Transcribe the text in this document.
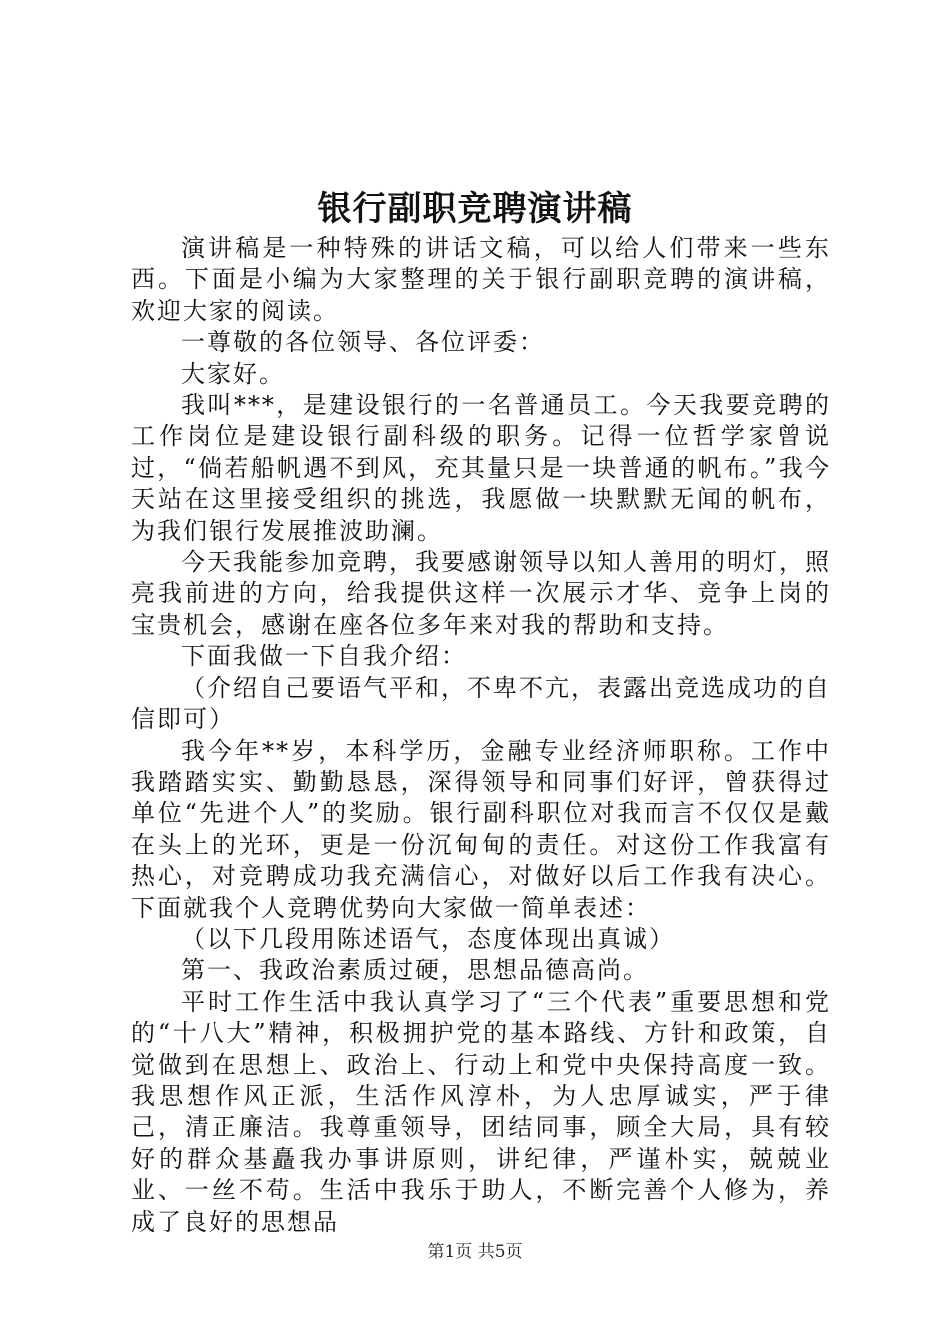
银行副职竞聘演讲稿

演讲稿是一种特殊的讲话文稿，可以给人们带来一些东西。下面是小编为大家整理的关于银行副职竞聘的演讲稿，欢迎大家的阅读。

一尊敬的各位领导、各位评委：

大家好。

我叫***，是建设银行的一名普通员工。今天我要竞聘的工作岗位是建设银行副科级的职务。记得一位哲学家曾说过，“倘若船帆遇不到风，充其量只是一块普通的帆布。”我今天站在这里接受组织的挑选，我愿做一块默默无闻的帆布，为我们银行发展推波助澜。

今天我能参加竞聘，我要感谢领导以知人善用的明灯，照亮我前进的方向，给我提供这样一次展示才华、竞争上岗的宝贵机会，感谢在座各位多年来对我的帮助和支持。

下面我做一下自我介绍：

（介绍自己要语气平和，不卑不亢，表露出竞选成功的自信即可）

我今年**岁，本科学历，金融专业经济师职称。工作中我踏踏实实、勤勤恳恳，深得领导和同事们好评，曾获得过单位“先进个人”的奖励。银行副科职位对我而言不仅仅是戴在头上的光环，更是一份沉甸甸的责任。对这份工作我富有热心，对竞聘成功我充满信心，对做好以后工作我有决心。下面就我个人竞聘优势向大家做一简单表述：

（以下几段用陈述语气，态度体现出真诚）

第一、我政治素质过硬，思想品德高尚。

平时工作生活中我认真学习了“三个代表”重要思想和党的“十八大”精神，积极拥护党的基本路线、方针和政策，自觉做到在思想上、政治上、行动上和党中央保持高度一致。我思想作风正派，生活作风淳朴，为人忠厚诚实，严于律己，清正廉洁。我尊重领导，团结同事，顾全大局，具有较好的群众基矗我办事讲原则，讲纪律，严谨朴实，兢兢业业、一丝不苟。生活中我乐于助人，不断完善个人修为，养成了良好的思想品

第1页 共5页
